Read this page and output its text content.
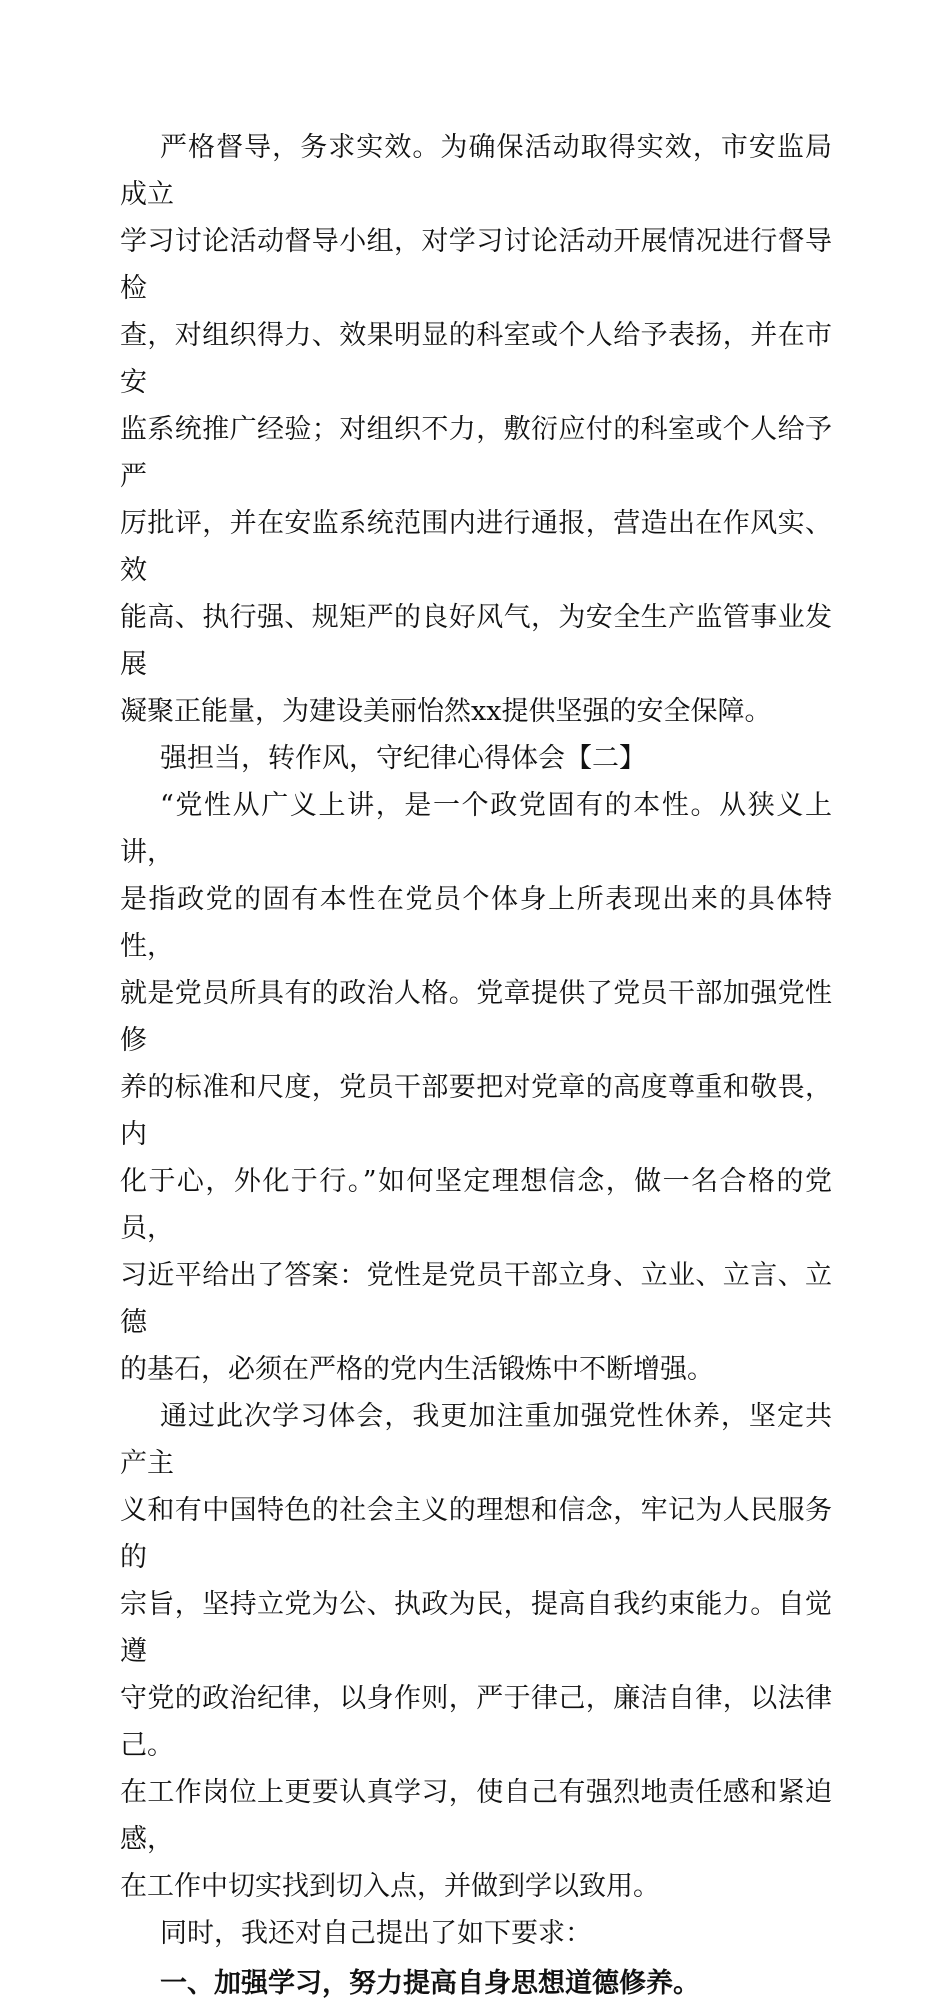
严格督导，务求实效。为确保活动取得实效，市安监局成立
学习讨论活动督导小组，对学习讨论活动开展情况进行督导检
查，对组织得力、效果明显的科室或个人给予表扬，并在市安
监系统推广经验；对组织不力，敷衍应付的科室或个人给予严
厉批评，并在安监系统范围内进行通报，营造出在作风实、效
能高、执行强、规矩严的良好风气，为安全生产监管事业发展
凝聚正能量，为建设美丽怡然xx提供坚强的安全保障。
强担当，转作风，守纪律心得体会【二】
“党性从广义上讲，是一个政党固有的本性。从狭义上讲，
是指政党的固有本性在党员个体身上所表现出来的具体特性，
就是党员所具有的政治人格。党章提供了党员干部加强党性修
养的标准和尺度，党员干部要把对党章的高度尊重和敬畏，内
化于心，外化于行。”如何坚定理想信念，做一名合格的党员，
习近平给出了答案：党性是党员干部立身、立业、立言、立德
的基石，必须在严格的党内生活锻炼中不断增强。
通过此次学习体会，我更加注重加强党性休养，坚定共产主
义和有中国特色的社会主义的理想和信念，牢记为人民服务的
宗旨，坚持立党为公、执政为民，提高自我约束能力。自觉遵
守党的政治纪律，以身作则，严于律己，廉洁自律，以法律己。
在工作岗位上更要认真学习，使自己有强烈地责任感和紧迫感，
在工作中切实找到切入点，并做到学以致用。
同时，我还对自己提出了如下要求：
一、加强学习，努力提高自身思想道德修养。
